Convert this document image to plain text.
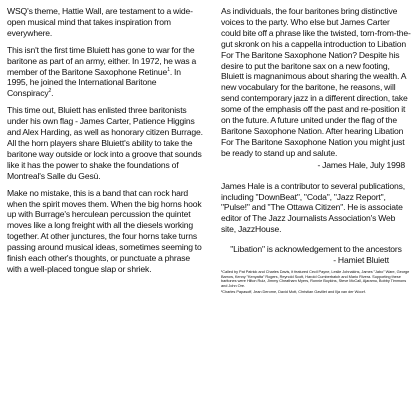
WSQ's theme, Hattie Wall, are testament to a wide-open musical mind that takes inspiration from everywhere.

This isn't the first time Bluiett has gone to war for the baritone as part of an army, either. In 1972, he was a member of the Baritone Saxophone Retinue$^1$. In 1995, he joined the International Baritone Conspiracy$^2$.

This time out, Bluiett has enlisted three baritonists under his own flag - James Carter, Patience Higgins and Alex Harding, as well as honorary citizen Burrage. All the horn players share Bluiett's ability to take the baritone way outside or lock into a groove that sounds like it has the power to shake the foundations of Montreal's Salle du Gesù.

Make no mistake, this is a band that can rock hard when the spirit moves them. When the big horns hook up with Burrage's herculean percussion the quintet moves like a long freight with all the diesels working together. At other junctures, the four horns take turns passing around musical ideas, sometimes seeming to finish each other's thoughts, or punctuate a phrase with a well-placed tongue slap or shriek.

As individuals, the four baritones bring distinctive voices to the party. Who else but James Carter could bite off a phrase like the twisted, torn-from-the-gut skronk on his a cappella introduction to Libation For The Baritone Saxophone Nation? Despite his desire to put the baritone sax on a new footing, Bluiett is magnanimous about sharing the wealth. A new vocabulary for the baritone, he reasons, will send contemporary jazz in a different direction, take some of the emphasis off the past and re-position it on the future. A future united under the flag of the Baritone Saxophone Nation. After hearing Libation For The Baritone Saxophone Nation you might just be ready to stand up and salute.

- James Hale, July 1998

James Hale is a contributor to several publications, including "DownBeat", "Coda", "Jazz Report", "Pulse!" and "The Ottawa Citizen". He is associate editor of The Jazz Journalists Association's Web site, JazzHouse.

"Libation" is acknowledgement to the ancestors

- Hamiet Bluiett

¹Called by Pat Patrick and Charles Davis, it featured Cecil Payne, Leslie Johnakins, James "Jabo" Ware, George Barrow, Kenny "Kenyatta" Rogers, Reynold Scott, Harold Cumberbatch and Mario Rivera. Supporting these baritones were Hilton Ruiz, Jimmy Cheatham Myers, Ronnie Boykins, Steve McCall, Ajaramu, Bobby Timmons and John Ore.

²Charles Papasoff, Jean Derome, David Mott, Christian Gavillet and Ilja van der Woorf.
